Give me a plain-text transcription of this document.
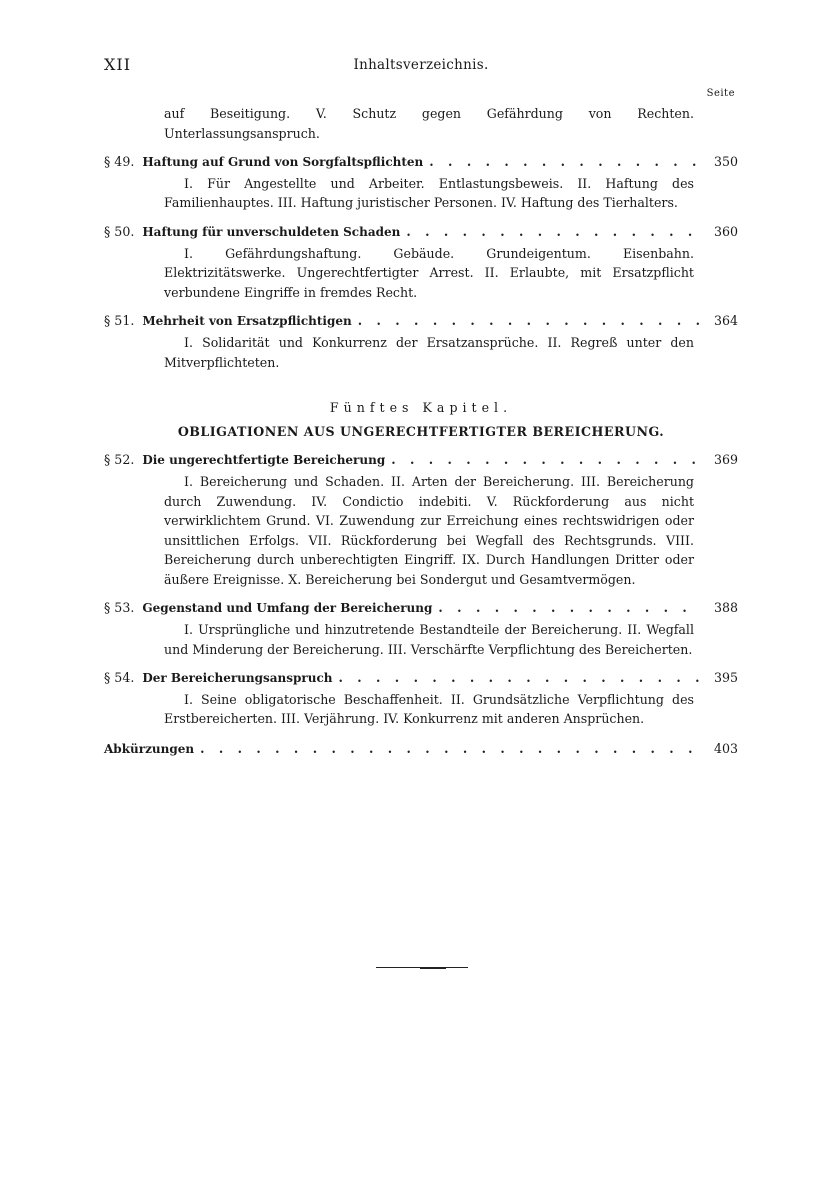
XII	Inhaltsverzeichnis.
Seite
auf Beseitigung. V. Schutz gegen Gefährdung von Rechten. Unterlassungsanspruch.
§ 49. Haftung auf Grund von Sorgfaltspflichten . . .	350
I. Für Angestellte und Arbeiter. Entlastungsbeweis. II. Haftung des Familienhauptes. III. Haftung juristischer Personen. IV. Haftung des Tierhalters.
§ 50. Haftung für unverschuldeten Schaden . . .	360
I. Gefährdungshaftung. Gebäude. Grundeigentum. Eisenbahn. Elektrizitätswerke. Ungerechtfertigter Arrest. II. Erlaubte, mit Ersatzpflicht verbundene Eingriffe in fremdes Recht.
§ 51. Mehrheit von Ersatzpflichtigen . . .	364
I. Solidarität und Konkurrenz der Ersatzansprüche. II. Regreß unter den Mitverpflichteten.
Fünftes Kapitel.
OBLIGATIONEN AUS UNGERECHTFERTIGTER BEREICHERUNG.
§ 52. Die ungerechtfertigte Bereicherung . . .	369
I. Bereicherung und Schaden. II. Arten der Bereicherung. III. Bereicherung durch Zuwendung. IV. Condictio indebiti. V. Rückforderung aus nicht verwirklichtem Grund. VI. Zuwendung zur Erreichung eines rechtswidrigen oder unsittlichen Erfolgs. VII. Rückforderung bei Wegfall des Rechtsgrunds. VIII. Bereicherung durch unberechtigten Eingriff. IX. Durch Handlungen Dritter oder äußere Ereignisse. X. Bereicherung bei Sondergut und Gesamtvermögen.
§ 53. Gegenstand und Umfang der Bereicherung . . .	388
I. Ursprüngliche und hinzutretende Bestandteile der Bereicherung. II. Wegfall und Minderung der Bereicherung. III. Verschärfte Verpflichtung des Bereicherten.
§ 54. Der Bereicherungsanspruch . . .	395
I. Seine obligatorische Beschaffenheit. II. Grundsätzliche Verpflichtung des Erstbereicherten. III. Verjährung. IV. Konkurrenz mit anderen Ansprüchen.
Abkürzungen . . .	403
